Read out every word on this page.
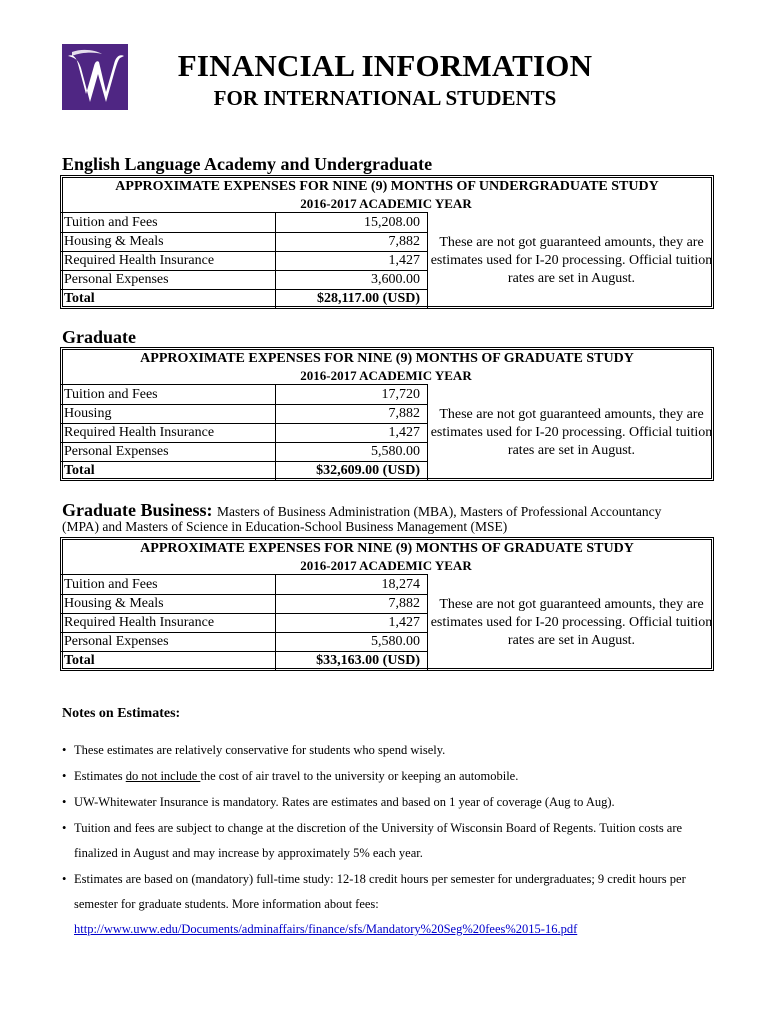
FINANCIAL INFORMATION
FOR INTERNATIONAL STUDENTS
English Language Academy and Undergraduate
APPROXIMATE EXPENSES FOR NINE (9) MONTHS OF UNDERGRADUATE STUDY
2016-2017 ACADEMIC YEAR
Tuition and Fees	15,208.00
Housing & Meals	7,882
Required Health Insurance	1,427
Personal Expenses	3,600.00
Total	$28,117.00 (USD)
These are not got guaranteed amounts, they are estimates used for I-20 processing. Official tuition rates are set in August.
Graduate
APPROXIMATE EXPENSES FOR NINE (9) MONTHS OF GRADUATE STUDY
2016-2017 ACADEMIC YEAR
Tuition and Fees	17,720
Housing	7,882
Required Health Insurance	1,427
Personal Expenses	5,580.00
Total	$32,609.00 (USD)
These are not got guaranteed amounts, they are estimates used for I-20 processing. Official tuition rates are set in August.
Graduate Business: Masters of Business Administration (MBA), Masters of Professional Accountancy
(MPA) and Masters of Science in Education-School Business Management (MSE)
APPROXIMATE EXPENSES FOR NINE (9) MONTHS OF GRADUATE STUDY
2016-2017 ACADEMIC YEAR
Tuition and Fees	18,274
Housing & Meals	7,882
Required Health Insurance	1,427
Personal Expenses	5,580.00
Total	$33,163.00 (USD)
These are not got guaranteed amounts, they are estimates used for I-20 processing. Official tuition rates are set in August.
Notes on Estimates:
• These estimates are relatively conservative for students who spend wisely.
• Estimates do not include the cost of air travel to the university or keeping an automobile.
• UW-Whitewater Insurance is mandatory. Rates are estimates and based on 1 year of coverage (Aug to Aug).
• Tuition and fees are subject to change at the discretion of the University of Wisconsin Board of Regents. Tuition costs are finalized in August and may increase by approximately 5% each year.
• Estimates are based on (mandatory) full-time study: 12-18 credit hours per semester for undergraduates; 9 credit hours per semester for graduate students. More information about fees:
http://www.uww.edu/Documents/adminaffairs/finance/sfs/Mandatory%20Seg%20fees%2015-16.pdf
